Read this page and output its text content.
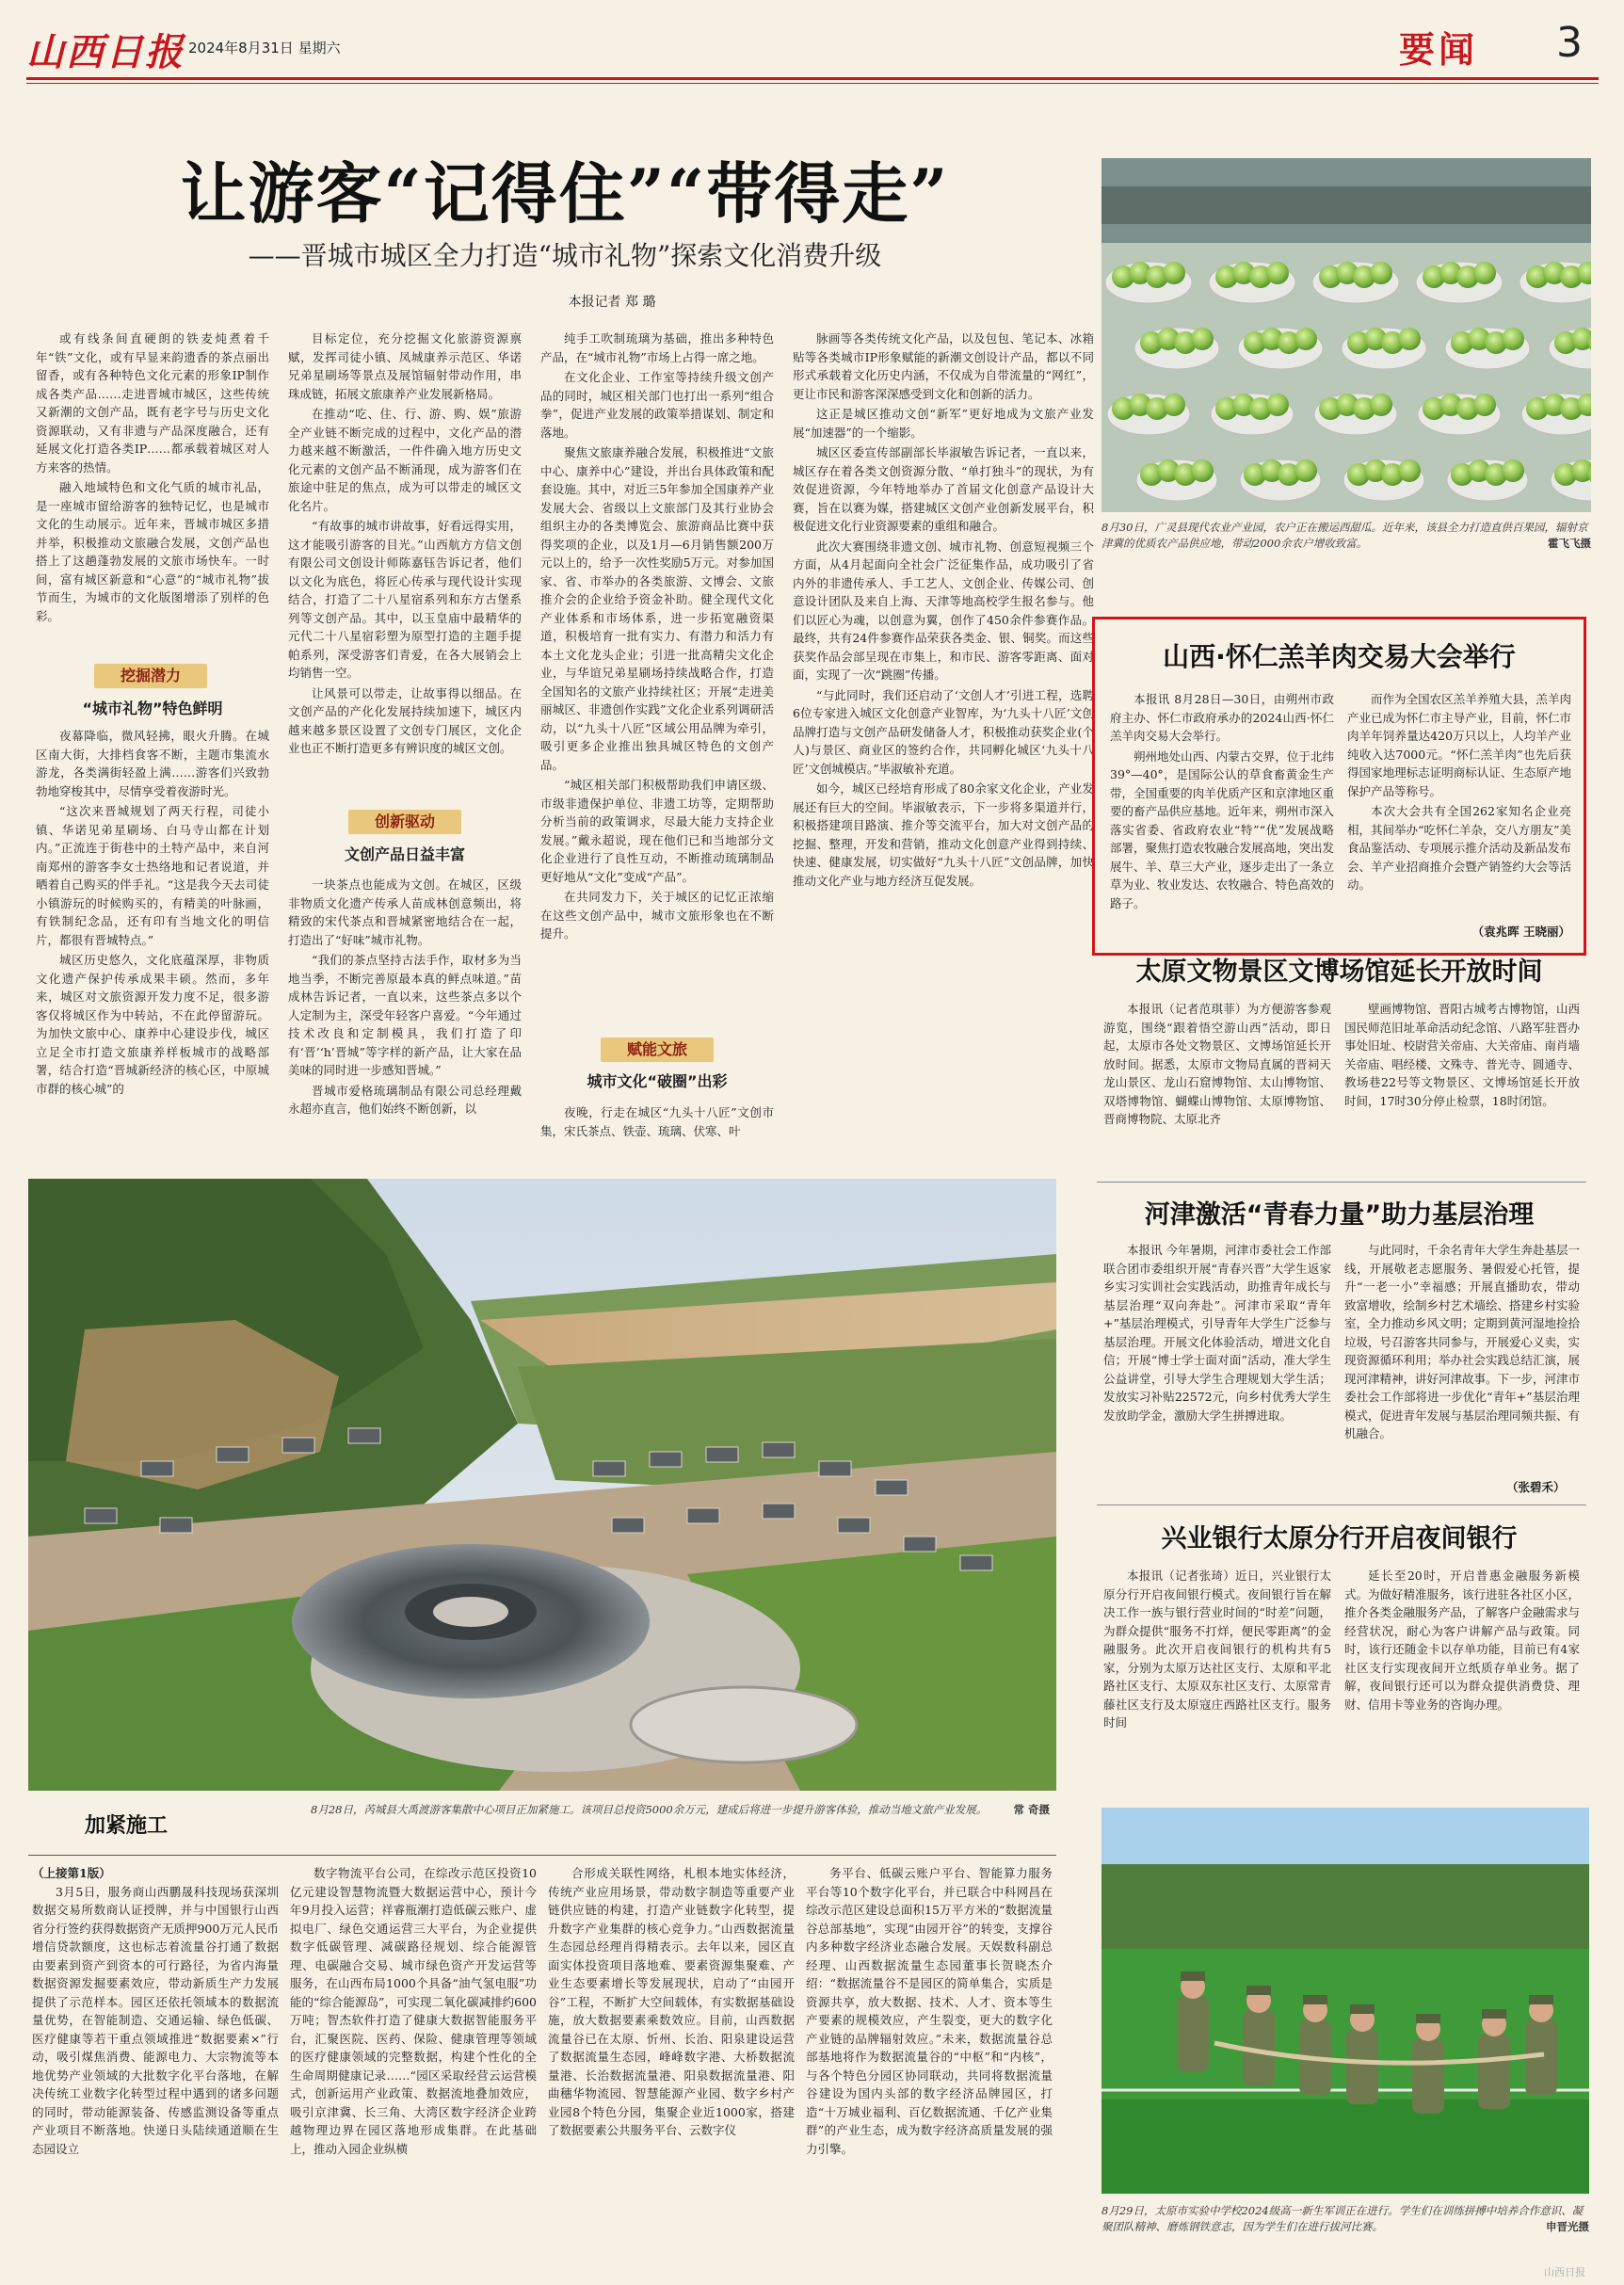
山西日报 2024年8月31日 星期六	要闻 3
让游客“记得住”“带得走”
——晋城市城区全力打造“城市礼物”探索文化消费升级
本报记者 郑 璐

或有线条间直硬朗的铁麦炖煮着千年“铁”文化，或有早显来韵遗香的茶点丽出留香，或有各种特色文化元素的形象IP制作成各类产品……走进晋城市城区，这些传统又新潮的文创产品，既有老字号与历史文化资源联动，又有非遗与产品深度融合，还有延展文化打造各类IP……都承载着城区对人方来客的热情。

融入地域特色和文化气质的城市礼品，是一座城市留给游客的独特记忆，也是城市文化的生动展示。近年来，晋城市城区多措并举，积极推动文旅融合发展，文创产品也搭上了这趟蓬勃发展的文旅市场快车。一时间，富有城区新意和“心意”的“城市礼物”拔节而生，为城市的文化版图增添了别样的色彩。

挖掘潜力
“城市礼物”特色鲜明

夜幕降临，微风轻拂，眼火升腾。在城区南大街，大排档食客不断，主题市集流水游龙，各类满街轻盈上满……游客们兴致勃勃地穿梭其中，尽情享受着夜游时光。

“这次来晋城规划了两天行程，司徒小镇、华诺见弟星刷场、白马寺山都在计划内。”正流连于街巷中的土特产品中，来自河南郑州的游客李女士热络地和记者说道，并晒着自己购买的伴手礼。“这是我今天去司徒小镇游玩的时候购买的，有精美的叶脉画，有铁制纪念品，还有印有当地文化的明信片，都很有晋城特点。”

城区历史悠久，文化底蕴深厚，非物质文化遗产保护传承成果丰硕。然而，多年来，城区对文旅资源开发力度不足，很多游客仅将城区作为中转站，不在此停留游玩。为加快文旅中心、康养中心建设步伐，城区立足全市打造文旅康养样板城市的战略部署，结合打造“晋城新经济的核心区，中原城市群的核心城”的

目标定位，充分挖掘文化旅游资源禀赋，发挥司徒小镇、凤城康养示范区、华诺兄弟星刷场等景点及展馆辐射带动作用，串珠成链，拓展文旅康养产业发展新格局。

在推动“吃、住、行、游、购、娱”旅游全产业链不断完成的过程中，文化产品的潜力越来越不断激活，一件件确入地方历史文化元素的文创产品不断涌现，成为游客们在旅途中驻足的焦点，成为可以带走的城区文化名片。

“有故事的城市讲故事，好看远得实用，这才能吸引游客的目光。”山西航方方信文创有限公司文创设计师陈嘉钰告诉记者，他们以文化为底色，将匠心传承与现代设计实现结合，打造了二十八星宿系列和东方古堡系列等文创产品。其中，以玉皇庙中最精华的元代二十八星宿彩塑为原型打造的主题手提帕系列，深受游客们青爱，在各大展销会上均销售一空。

让风景可以带走，让故事得以细品。在文创产品的产化化发展持续加速下，城区内越来越多景区设置了文创专门展区，文化企业也正不断打造更多有辨识度的城区文创。

创新驱动
文创产品日益丰富

一块茶点也能成为文创。在城区，区级非物质文化遗产传承人苗成林创意频出，将精致的宋代茶点和晋城紧密地结合在一起，打造出了“好味”城市礼物。

“我们的茶点坚持古法手作，取材多为当地当季，不断完善原最本真的鲜点味道。”苗成林告诉记者，一直以来，这些茶点多以个人定制为主，深受年轻客户喜爱。“今年通过技术改良和定制模具，我们打造了印有‘晋’‘h’晋城”等字样的新产品，让大家在品美味的同时进一步感知晋城。”

晋城市爱格琉璃制品有限公司总经理戴永超亦直言，他们始终不断创新，以

纯手工吹制琉璃为基础，推出多种特色产品，在“城市礼物”市场上占得一席之地。

在文化企业、工作室等持续升级文创产品的同时，城区相关部门也打出一系列“组合拳”，促进产业发展的政策举措谋划、制定和落地。

聚焦文旅康养融合发展，积极推进“文旅中心、康养中心”建设，并出台具体政策和配套设施。其中，对近三5年参加全国康养产业发展大会、省级以上文旅部门及其行业协会组织主办的各类博览会、旅游商品比赛中获得奖项的企业，以及1月—6月销售额200万元以上的，给予一次性奖励5万元。对参加国家、省、市举办的各类旅游、文博会、文旅推介会的企业给予资金补助。健全现代文化产业体系和市场体系，进一步拓宽融资渠道，积极培育一批有实力、有潜力和活力有本土文化龙头企业；引进一批高精尖文化企业，与华谊兄弟星刷场持续战略合作，打造全国知名的文旅产业持续社区；开展“走进美丽城区、非遗创作实践”文化企业系列调研活动，以“九头十八匠”区域公用品牌为牵引，吸引更多企业推出独具城区特色的文创产品。

“城区相关部门积极帮助我们申请区级、市级非遗保护单位、非遗工坊等，定期帮助分析当前的政策调求，尽最大能力支持企业发展。”戴永超说，现在他们已和当地部分文化企业进行了良性互动，不断推动琉璃制品更好地从“文化”变成“产品”。

在共同发力下，关于城区的记忆正浓缩在这些文创产品中，城市文旅形象也在不断提升。

赋能文旅
城市文化“破圈”出彩

夜晚，行走在城区“九头十八匠”文创市集，宋氏茶点、铁壶、琉璃、伏寒、叶

脉画等各类传统文化产品，以及包包、笔记本、冰箱贴等各类城市IP形象赋能的新潮文创设计产品，都以不同形式承载着文化历史内涵，不仅成为自带流量的“网红”，更让市民和游客深深感受到文化和创新的活力。

这正是城区推动文创“新军”更好地成为文旅产业发展“加速器”的一个缩影。

城区区委宣传部副部长毕淑敏告诉记者，一直以来，城区存在着各类文创资源分散、“单打独斗”的现状，为有效促进资源，今年特地举办了首届文化创意产品设计大赛，旨在以赛为媒，搭建城区文创产业创新发展平台，积极促进文化行业资源要素的重组和融合。

此次大赛围绕非遗文创、城市礼物、创意短视频三个方面，从4月起面向全社会广泛征集作品，成功吸引了省内外的非遗传承人、手工艺人、文创企业、传媒公司、创意设计团队及来自上海、天津等地高校学生报名参与。他们以匠心为魂，以创意为翼，创作了450余件参赛作品。最终，共有24件参赛作品荣获各类金、银、铜奖。而这些获奖作品会部呈现在市集上，和市民、游客零距离、面对面，实现了一次“跳圈”传播。

“与此同时，我们还启动了‘文创人才’引进工程，选聘6位专家进入城区文化创意产业智库，为‘九头十八匠’文创品牌打造与文创产品研发储备人才，积极推动获奖企业(个人)与景区、商业区的签约合作，共同孵化城区‘九头十八匠’文创城模店。”毕淑敏补充道。

如今，城区已经培育形成了80余家文化企业，产业发展还有巨大的空间。毕淑敏表示，下一步将多渠道并行，积极搭建项目路演、推介等交流平台，加大对文创产品的挖掘、整理，开发和营销，推动文化创意产业得到持续、快速、健康发展，切实做好“九头十八匠”文创品牌，加快推动文化产业与地方经济互促发展。

8月30日，广灵县现代农业产业园，农户正在搬运西甜瓜。近年来，该县全力打造直供百果园，辐射京津冀的优质农产品供应地，带动2000余农户增收致富。	霍飞飞摄
山西·怀仁羔羊肉交易大会举行

本报讯 8月28日—30日，由朔州市政府主办、怀仁市政府承办的2024山西·怀仁羔羊肉交易大会举行。

朔州地处山西、内蒙古交界，位于北纬39°—40°，是国际公认的草食畜黄金生产带，全国重要的肉羊优质产区和京津地区重要的畜产品供应基地。近年来，朔州市深入落实省委、省政府农业“特”“优”发展战略部署，聚焦打造农牧融合发展高地，突出发展牛、羊、草三大产业，逐步走出了一条立草为业、牧业发达、农牧融合、特色高效的路子。

而作为全国农区羔羊养殖大县，羔羊肉产业已成为怀仁市主导产业，目前，怀仁市肉羊年饲养量达420万只以上，人均羊产业纯收入达7000元。“怀仁羔羊肉”也先后获得国家地理标志证明商标认证、生态原产地保护产品等称号。

本次大会共有全国262家知名企业亮相，其间举办“吃怀仁羊杂，交八方朋友”美食品鉴活动、专项展示推介活动及新品发布会、羊产业招商推介会暨产销签约大会等活动。

（袁兆晖 王晓丽）
太原文物景区文博场馆延长开放时间

本报讯（记者范琪菲）为方便游客参观游览，围绕“跟着悟空游山西”活动，即日起，太原市各处文物景区、文博场馆延长开放时间。据悉，太原市文物局直属的晋祠天龙山景区、龙山石窟博物馆、太山博物馆、双塔博物馆、蝴蝶山博物馆、太原博物馆、晋商博物院、太原北齐

壁画博物馆、晋阳古城考古博物馆，山西国民师范旧址革命活动纪念馆、八路军驻晋办事处旧址、校尉营关帝庙、大关帝庙、南肖墙关帝庙、唱经楼、文殊寺、普光寺、圆通寺、教场巷22号等文物景区、文博场馆延长开放时间，17时30分停止检票，18时闭馆。

河津激活“青春力量”助力基层治理

本报讯 今年暑期，河津市委社会工作部联合团市委组织开展“青春兴晋”大学生返家乡实习实训社会实践活动，助推青年成长与基层治理“双向奔赴”。河津市采取“青年+”基层治理模式，引导青年大学生广泛参与基层治理。开展文化体验活动，增进文化自信；开展“博士学士面对面”活动，准大学生公益讲堂，引导大学生合理规划大学生活；发放实习补贴22572元，向乡村优秀大学生发放助学金，激励大学生拼搏进取。

与此同时，千余名青年大学生奔赴基层一线，开展敬老志愿服务、暑假爱心托管，提升“一老一小”幸福感；开展直播助农，带动致富增收，绘制乡村艺术墙绘、搭建乡村实验室，全力推动乡风文明；定期到黄河湿地捡拾垃圾，号召游客共同参与，开展爱心义卖，实现资源循环利用；举办社会实践总结汇演，展现河津精神，讲好河津故事。下一步，河津市委社会工作部将进一步优化“青年+”基层治理模式，促进青年发展与基层治理同频共振、有机融合。

（张碧禾）
兴业银行太原分行开启夜间银行

本报讯（记者张琦）近日，兴业银行太原分行开启夜间银行模式。夜间银行旨在解决工作一族与银行营业时间的“时差”问题，为群众提供“服务不打烊，便民零距离”的金融服务。此次开启夜间银行的机构共有5家，分别为太原万达社区支行、太原和平北路社区支行、太原双东社区支行、太原常青藤社区支行及太原寇庄西路社区支行。服务时间

延长至20时，开启普惠金融服务新模式。为做好精准服务，该行进驻各社区小区，推介各类金融服务产品，了解客户金融需求与经营状况，耐心为客户讲解产品与政策。同时，该行还随金卡以存单功能，目前已有4家社区支行实现夜间开立纸质存单业务。据了解，夜间银行还可以为群众提供消费贷、理财、信用卡等业务的咨询办理。

加紧施工
8月28日，芮城县大禹渡游客集散中心项目正加紧施工。该项目总投资5000余万元，建成后将进一步提升游客体验，推动当地文旅产业发展。 常 奇摄
（上接第1版）

3月5日，服务商山西鹏晟科技现场获深圳数据交易所数商认证授牌，并与中国银行山西省分行签约获得数据资产无质押900万元人民币增信贷款额度，这也标志着流量谷打通了数据由要素到资产到资本的可行路径，为省内海量数据资源发掘要素效应，带动新质生产力发展提供了示范样本。园区还依托领域本的数据流量优势，在智能制造、交通运输、绿色低碳、医疗健康等若干重点领域推进“数据要素×”行动，吸引煤焦消费、能源电力、大宗物流等本地优势产业领域的大批数字化平台落地，在解决传统工业数字化转型过程中遇到的诸多问题的同时，带动能源装备、传感监测设备等重点产业项目不断落地。快递日头陆续通道顺在生态园设立

数字物流平台公司，在综改示范区投资10亿元建设智慧物流暨大数据运营中心，预计今年9月投入运营；祥睿瓶潮打造低碳云账户、虚拟电厂、绿色交通运营三大平台，为企业提供数字低碳管理、减碳路径规划、综合能源管理、电碳融合交易、城市绿色资产开发运营等服务，在山西布局1000个具备“油气氢电服”功能的“综合能源岛”，可实现二氧化碳减排约600万吨；智杰软件打造了健康大数据智能服务平台，汇聚医院、医药、保险、健康管理等领域的医疗健康领域的完整数据，构建个性化的全生命周期健康记录……“园区采取经营云运营模式，创新运用产业政策、数据流地叠加效应，吸引京津冀、长三角、大湾区数字经济企业跨越物理边界在园区落地形成集群。在此基础上，推动入园企业纵横

合形成关联性网络，札根本地实体经济，传统产业应用场景，带动数字制造等重要产业链供应链的构建，打造产业链数字化转型，提升数字产业集群的核心竞争力。”山西数据流量生态园总经理肖得精表示。去年以来，园区直面实体投资项目落地难、要素资源集聚难、产业生态要素增长等发展现状，启动了“由园开谷”工程，不断扩大空间载体，有实数据基础设施，放大数据要素乘数效应。目前，山西数据流量谷已在太原、忻州、长治、阳泉建设运营了数据流量生态园，峰峰数字港、大桥数据流量港、长治数据流量港、阳泉数据流量港、阳曲穗华物流园、智慧能源产业园、数字乡村产业园8个特色分园，集聚企业近1000家，搭建了数据要素公共服务平台、云数字仪

务平台、低碳云账户平台、智能算力服务平台等10个数字化平台，并已联合中科网昌在综改示范区建设总面积15万平方米的“数据流量谷总部基地”，实现“由园开谷”的转变，支撑谷内多种数字经济业态融合发展。天娱数科副总经理、山西数据流量生态园董事长贺晓杰介绍：“数据流量谷不是园区的简单集合，实质是资源共享，放大数据、技术、人才、资本等生产要素的规模效应，产生裂变，更大的数字化产业链的品牌辐射效应。”未来，数据流量谷总部基地将作为数据流量谷的“中枢”和“内核”，与各个特色分园区协同联动，共同将数据流量谷建设为国内头部的数字经济品牌园区，打造“十万城业福利、百亿数据流通、千亿产业集群”的产业生态，成为数字经济高质量发展的强力引擎。

8月29日，太原市实验中学校2024级高一新生军训正在进行。学生们在训练拼搏中培养合作意识、凝聚团队精神、磨炼钢铁意志，因为学生们在进行拔河比赛。	申晋光摄
山西日报
